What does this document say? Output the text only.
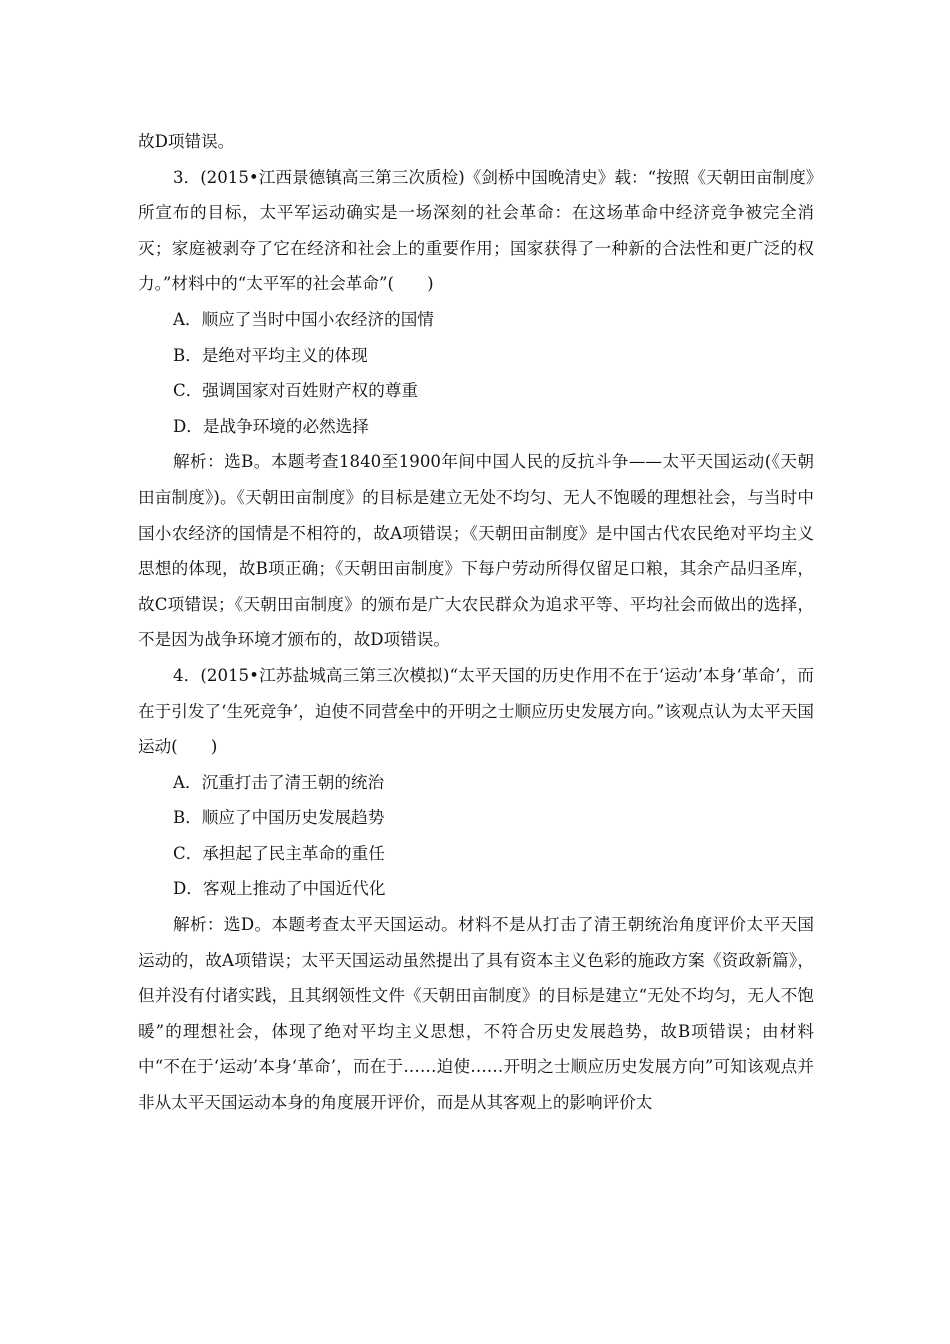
故D项错误。

3．(2015•江西景德镇高三第三次质检)《剑桥中国晚清史》载：“按照《天朝田亩制度》所宣布的目标，太平军运动确实是一场深刻的社会革命：在这场革命中经济竞争被完全消灭；家庭被剥夺了它在经济和社会上的重要作用；国家获得了一种新的合法性和更广泛的权力。”材料中的“太平军的社会革命”(　　)

A．顺应了当时中国小农经济的国情

B．是绝对平均主义的体现

C．强调国家对百姓财产权的尊重

D．是战争环境的必然选择

解析：选B。本题考查1840至1900年间中国人民的反抗斗争——太平天国运动(《天朝田亩制度》)。《天朝田亩制度》的目标是建立无处不均匀、无人不饱暖的理想社会，与当时中国小农经济的国情是不相符的，故A项错误；《天朝田亩制度》是中国古代农民绝对平均主义思想的体现，故B项正确；《天朝田亩制度》下每户劳动所得仅留足口粮，其余产品归圣库，故C项错误；《天朝田亩制度》的颁布是广大农民群众为追求平等、平均社会而做出的选择，不是因为战争环境才颁布的，故D项错误。

4．(2015•江苏盐城高三第三次模拟)“太平天国的历史作用不在于‘运动’本身‘革命’，而在于引发了‘生死竞争’，迫使不同营垒中的开明之士顺应历史发展方向。”该观点认为太平天国运动(　　)

A．沉重打击了清王朝的统治

B．顺应了中国历史发展趋势

C．承担起了民主革命的重任

D．客观上推动了中国近代化

解析：选D。本题考查太平天国运动。材料不是从打击了清王朝统治角度评价太平天国运动的，故A项错误；太平天国运动虽然提出了具有资本主义色彩的施政方案《资政新篇》，但并没有付诸实践，且其纲领性文件《天朝田亩制度》的目标是建立“无处不均匀，无人不饱暖”的理想社会，体现了绝对平均主义思想，不符合历史发展趋势，故B项错误；由材料中“不在于‘运动’本身‘革命’，而在于……迫使……开明之士顺应历史发展方向”可知该观点并非从太平天国运动本身的角度展开评价，而是从其客观上的影响评价太
